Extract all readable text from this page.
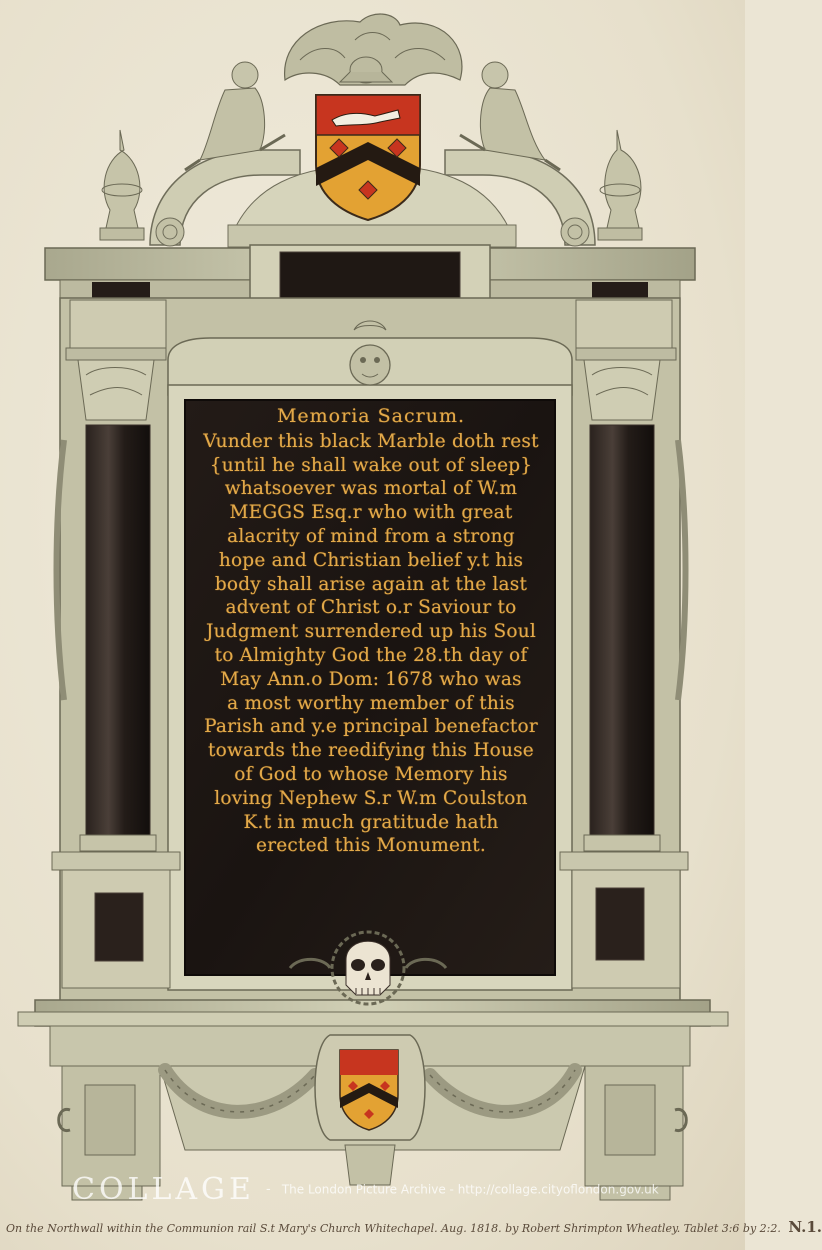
Memoria Sacrum.
Vunder this black Marble doth rest
{until he shall wake out of sleep}
whatsoever was mortal of W.m
MEGGS Esq.r who with great
alacrity of mind from a strong
hope and Christian belief y.t his
body shall arise again at the last
advent of Christ o.r Saviour to
Judgment surrendered up his Soul
to Almighty God the 28.th day of
May Ann.o Dom: 1678 who was
a most worthy member of this
Parish and y.e principal benefactor
towards the reedifying this House
of God to whose Memory his
loving Nephew S.r W.m Coulston
K.t in much gratitude hath
erected this Monument.
COLLAGE - The London Picture Archive - http://collage.cityoflondon.gov.uk
On the Northwall within the Communion rail S.t Mary's Church Whitechapel. Aug. 1818. by Robert Shrimpton Wheatley. Tablet 3:6 by 2:2. N.1.
